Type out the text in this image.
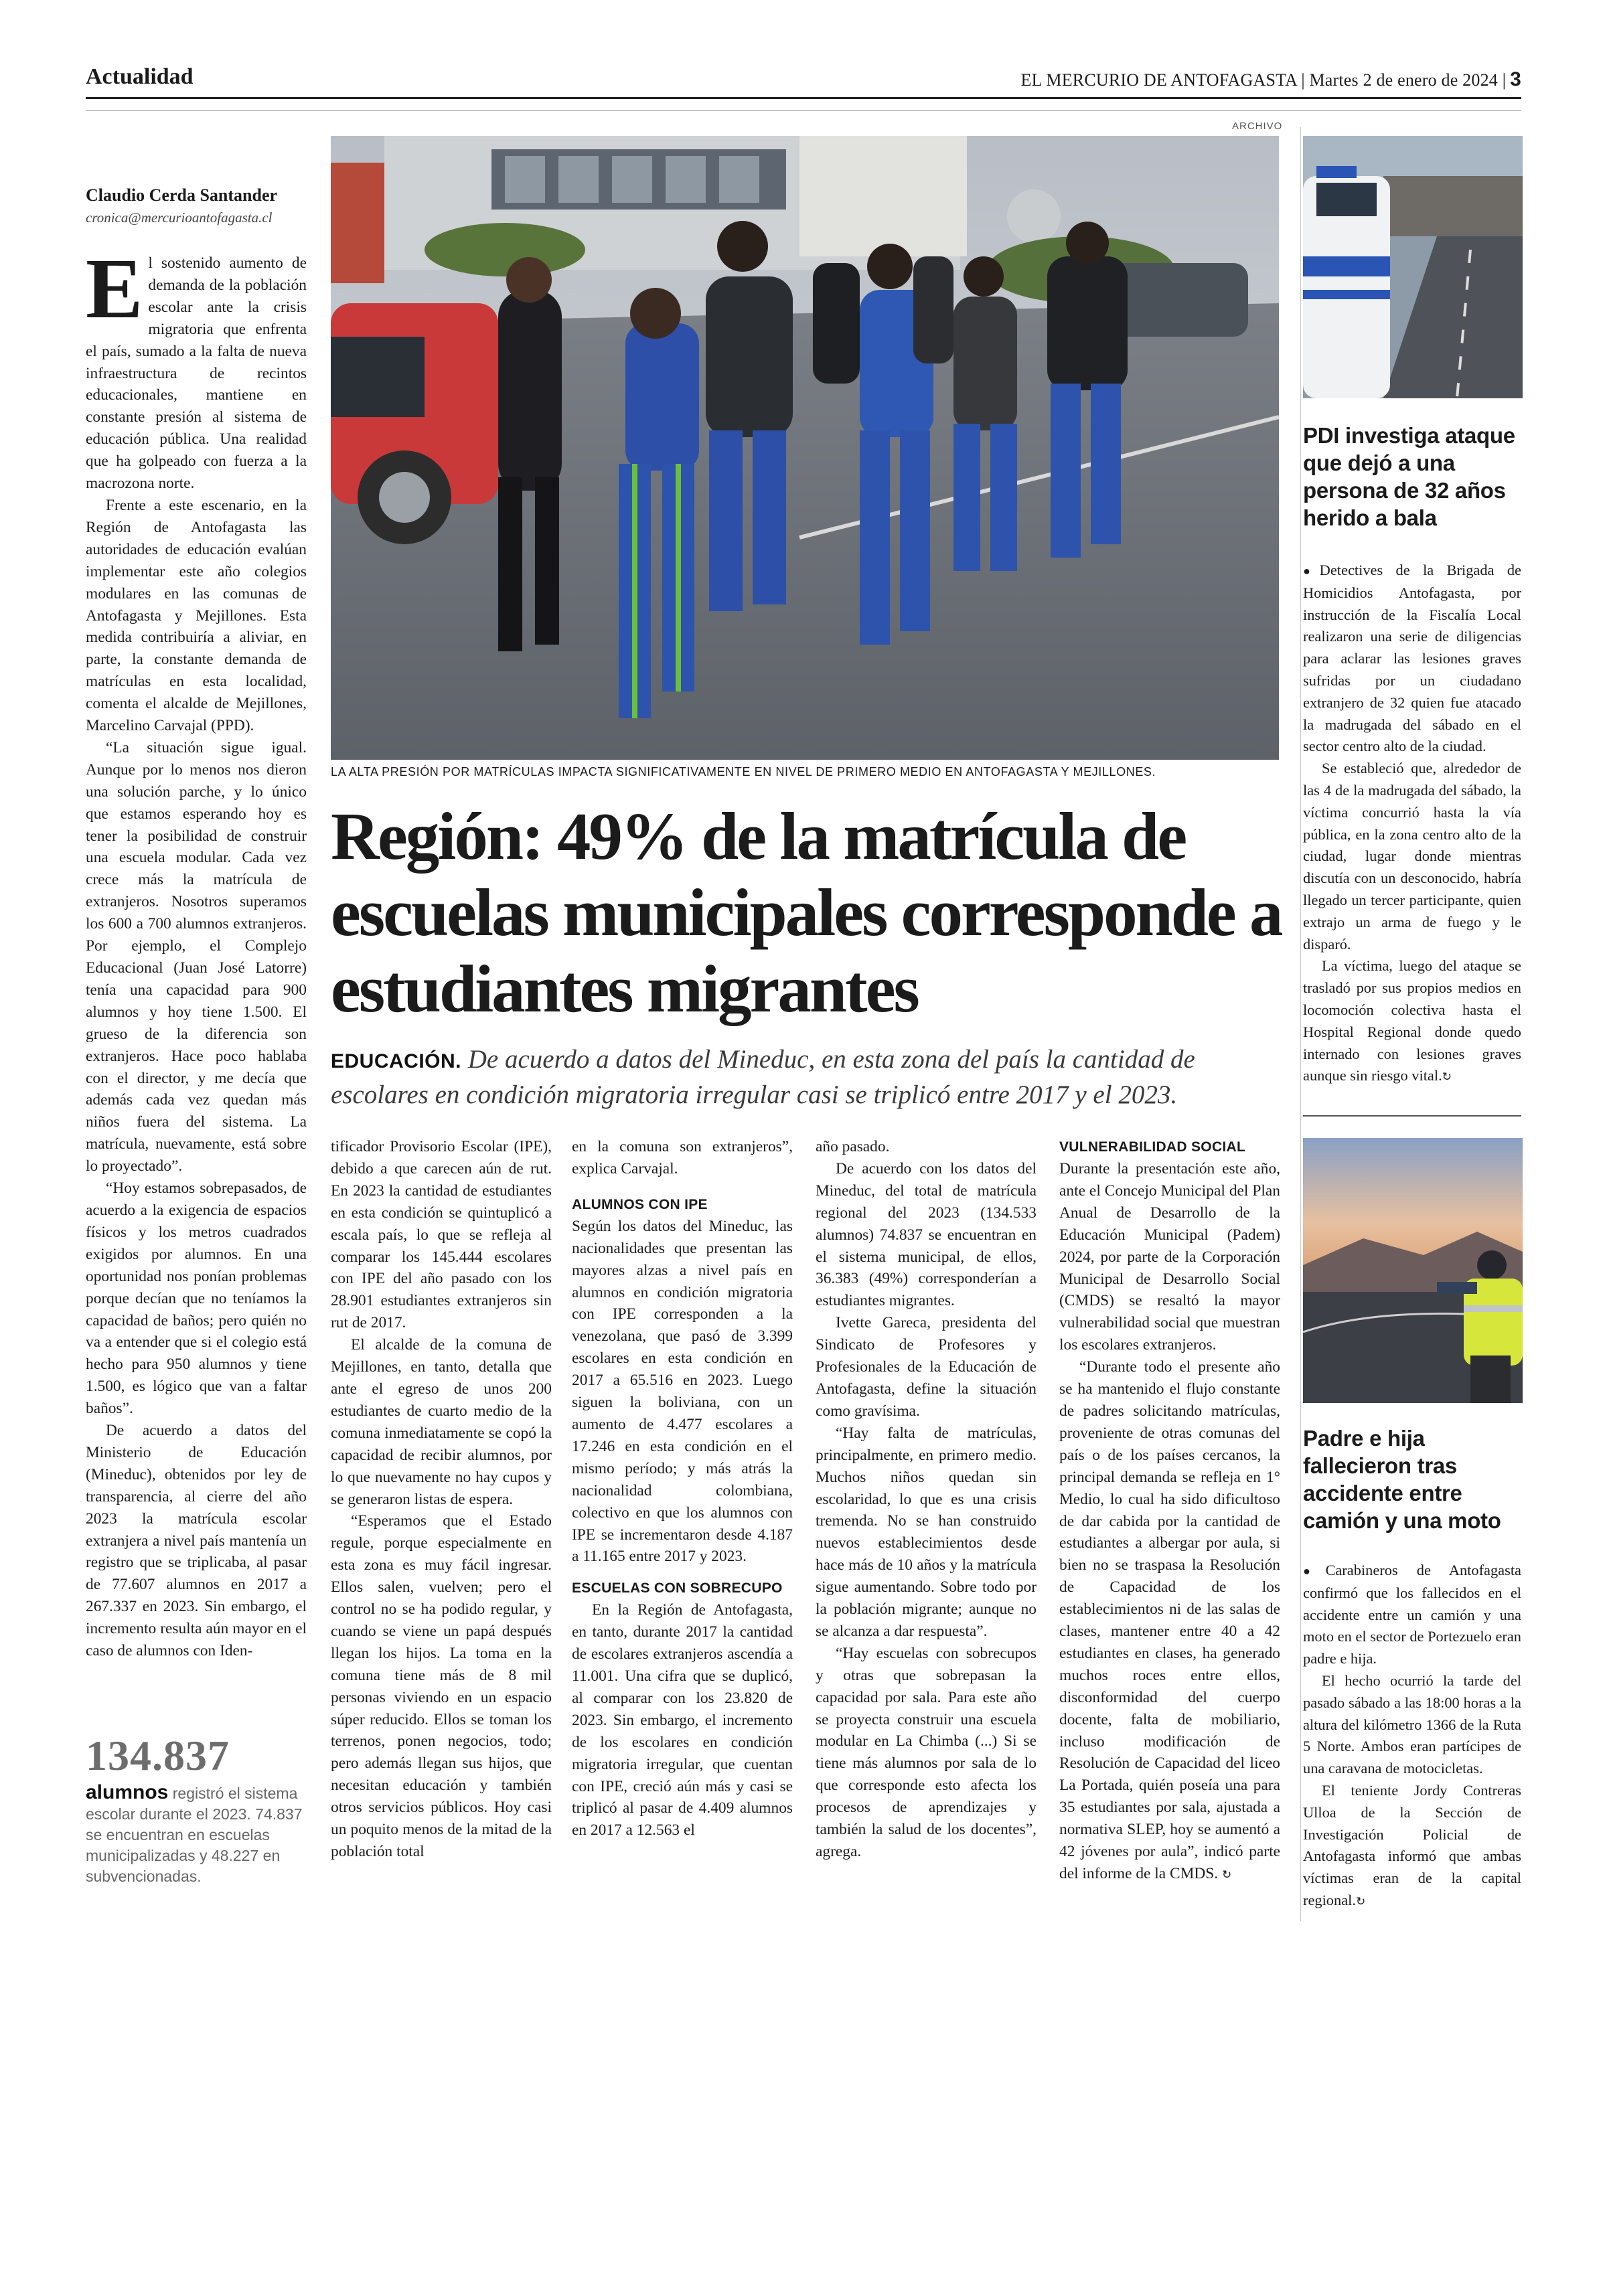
Actualidad	EL MERCURIO DE ANTOFAGASTA | Martes 2 de enero de 2024 | 3
Claudio Cerda Santander
cronica@mercurioantofagasta.cl

El sostenido aumento de demanda de la población escolar ante la crisis migratoria que enfrenta el país, sumado a la falta de nueva infraestructura de recintos educacionales, mantiene en constante presión al sistema de educación pública. Una realidad que ha golpeado con fuerza a la macrozona norte.

Frente a este escenario, en la Región de Antofagasta las autoridades de educación evalúan implementar este año colegios modulares en las comunas de Antofagasta y Mejillones. Esta medida contribuiría a aliviar, en parte, la constante demanda de matrículas en esta localidad, comenta el alcalde de Mejillones, Marcelino Carvajal (PPD).

“La situación sigue igual. Aunque por lo menos nos dieron una solución parche, y lo único que estamos esperando hoy es tener la posibilidad de construir una escuela modular. Cada vez crece más la matrícula de extranjeros. Nosotros superamos los 600 a 700 alumnos extranjeros. Por ejemplo, el Complejo Educacional (Juan José Latorre) tenía una capacidad para 900 alumnos y hoy tiene 1.500. El grueso de la diferencia son extranjeros. Hace poco hablaba con el director, y me decía que además cada vez quedan más niños fuera del sistema. La matrícula, nuevamente, está sobre lo proyectado”.

“Hoy estamos sobrepasados, de acuerdo a la exigencia de espacios físicos y los metros cuadrados exigidos por alumnos. En una oportunidad nos ponían problemas porque decían que no teníamos la capacidad de baños; pero quién no va a entender que si el colegio está hecho para 950 alumnos y tiene 1.500, es lógico que van a faltar baños”.

De acuerdo a datos del Ministerio de Educación (Mineduc), obtenidos por ley de transparencia, al cierre del año 2023 la matrícula escolar extranjera a nivel país mantenía un registro que se triplicaba, al pasar de 77.607 alumnos en 2017 a 267.337 en 2023. Sin embargo, el incremento resulta aún mayor en el caso de alumnos con Iden-

134.837
alumnos registró el sistema escolar durante el 2023. 74.837 se encuentran en escuelas municipalizadas y 48.227 en subvencionadas.
ARCHIVO
LA ALTA PRESIÓN POR MATRÍCULAS IMPACTA SIGNIFICATIVAMENTE EN NIVEL DE PRIMERO MEDIO EN ANTOFAGASTA Y MEJILLONES.
Región: 49% de la matrícula de escuelas municipales corresponde a estudiantes migrantes
EDUCACIÓN. De acuerdo a datos del Mineduc, en esta zona del país la cantidad de escolares en condición migratoria irregular casi se triplicó entre 2017 y el 2023.

tificador Provisorio Escolar (IPE), debido a que carecen aún de rut. En 2023 la cantidad de estudiantes en esta condición se quintuplicó a escala país, lo que se refleja al comparar los 145.444 escolares con IPE del año pasado con los 28.901 estudiantes extranjeros sin rut de 2017.

El alcalde de la comuna de Mejillones, en tanto, detalla que ante el egreso de unos 200 estudiantes de cuarto medio de la comuna inmediatamente se copó la capacidad de recibir alumnos, por lo que nuevamente no hay cupos y se generaron listas de espera.

“Esperamos que el Estado regule, porque especialmente en esta zona es muy fácil ingresar. Ellos salen, vuelven; pero el control no se ha podido regular, y cuando se viene un papá después llegan los hijos. La toma en la comuna tiene más de 8 mil personas viviendo en un espacio súper reducido. Ellos se toman los terrenos, ponen negocios, todo; pero además llegan sus hijos, que necesitan educación y también otros servicios públicos. Hoy casi un poquito menos de la mitad de la población total

en la comuna son extranjeros”, explica Carvajal.

ALUMNOS CON IPE

Según los datos del Mineduc, las nacionalidades que presentan las mayores alzas a nivel país en alumnos en condición migratoria con IPE corresponden a la venezolana, que pasó de 3.399 escolares en esta condición en 2017 a 65.516 en 2023. Luego siguen la boliviana, con un aumento de 4.477 escolares a 17.246 en esta condición en el mismo período; y más atrás la nacionalidad colombiana, colectivo en que los alumnos con IPE se incrementaron desde 4.187 a 11.165 entre 2017 y 2023.

ESCUELAS CON SOBRECUPO

En la Región de Antofagasta, en tanto, durante 2017 la cantidad de escolares extranjeros ascendía a 11.001. Una cifra que se duplicó, al comparar con los 23.820 de 2023. Sin embargo, el incremento de los escolares en condición migratoria irregular, que cuentan con IPE, creció aún más y casi se triplicó al pasar de 4.409 alumnos en 2017 a 12.563 el

año pasado.

De acuerdo con los datos del Mineduc, del total de matrícula regional del 2023 (134.533 alumnos) 74.837 se encuentran en el sistema municipal, de ellos, 36.383 (49%) corresponderían a estudiantes migrantes.

Ivette Gareca, presidenta del Sindicato de Profesores y Profesionales de la Educación de Antofagasta, define la situación como gravísima.

“Hay falta de matrículas, principalmente, en primero medio. Muchos niños quedan sin escolaridad, lo que es una crisis tremenda. No se han construido nuevos establecimientos desde hace más de 10 años y la matrícula sigue aumentando. Sobre todo por la población migrante; aunque no se alcanza a dar respuesta”.

“Hay escuelas con sobrecupos y otras que sobrepasan la capacidad por sala. Para este año se proyecta construir una escuela modular en La Chimba (...) Si se tiene más alumnos por sala de lo que corresponde esto afecta los procesos de aprendizajes y también la salud de los docentes”, agrega.

VULNERABILIDAD SOCIAL

Durante la presentación este año, ante el Concejo Municipal del Plan Anual de Desarrollo de la Educación Municipal (Padem) 2024, por parte de la Corporación Municipal de Desarrollo Social (CMDS) se resaltó la mayor vulnerabilidad social que muestran los escolares extranjeros.

“Durante todo el presente año se ha mantenido el flujo constante de padres solicitando matrículas, proveniente de otras comunas del país o de los países cercanos, la principal demanda se refleja en 1° Medio, lo cual ha sido dificultoso de dar cabida por la cantidad de estudiantes a albergar por aula, si bien no se traspasa la Resolución de Capacidad de los establecimientos ni de las salas de clases, mantener entre 40 a 42 estudiantes en clases, ha generado muchos roces entre ellos, disconformidad del cuerpo docente, falta de mobiliario, incluso modificación de Resolución de Capacidad del liceo La Portada, quién poseía una para 35 estudiantes por sala, ajustada a normativa SLEP, hoy se aumentó a 42 jóvenes por aula”, indicó parte del informe de la CMDS. ↻

PDI investiga ataque que dejó a una persona de 32 años herido a bala

●Detectives de la Brigada de Homicidios Antofagasta, por instrucción de la Fiscalía Local realizaron una serie de diligencias para aclarar las lesiones graves sufridas por un ciudadano extranjero de 32 quien fue atacado la madrugada del sábado en el sector centro alto de la ciudad.

Se estableció que, alrededor de las 4 de la madrugada del sábado, la víctima concurrió hasta la vía pública, en la zona centro alto de la ciudad, lugar donde mientras discutía con un desconocido, habría llegado un tercer participante, quien extrajo un arma de fuego y le disparó.

La víctima, luego del ataque se trasladó por sus propios medios en locomoción colectiva hasta el Hospital Regional donde quedo internado con lesiones graves aunque sin riesgo vital.↻

Padre e hija fallecieron tras accidente entre camión y una moto

●Carabineros de Antofagasta confirmó que los fallecidos en el accidente entre un camión y una moto en el sector de Portezuelo eran padre e hija.

El hecho ocurrió la tarde del pasado sábado a las 18:00 horas a la altura del kilómetro 1366 de la Ruta 5 Norte. Ambos eran partícipes de una caravana de motocicletas.

El teniente Jordy Contreras Ulloa de la Sección de Investigación Policial de Antofagasta informó que ambas víctimas eran de la capital regional.↻
